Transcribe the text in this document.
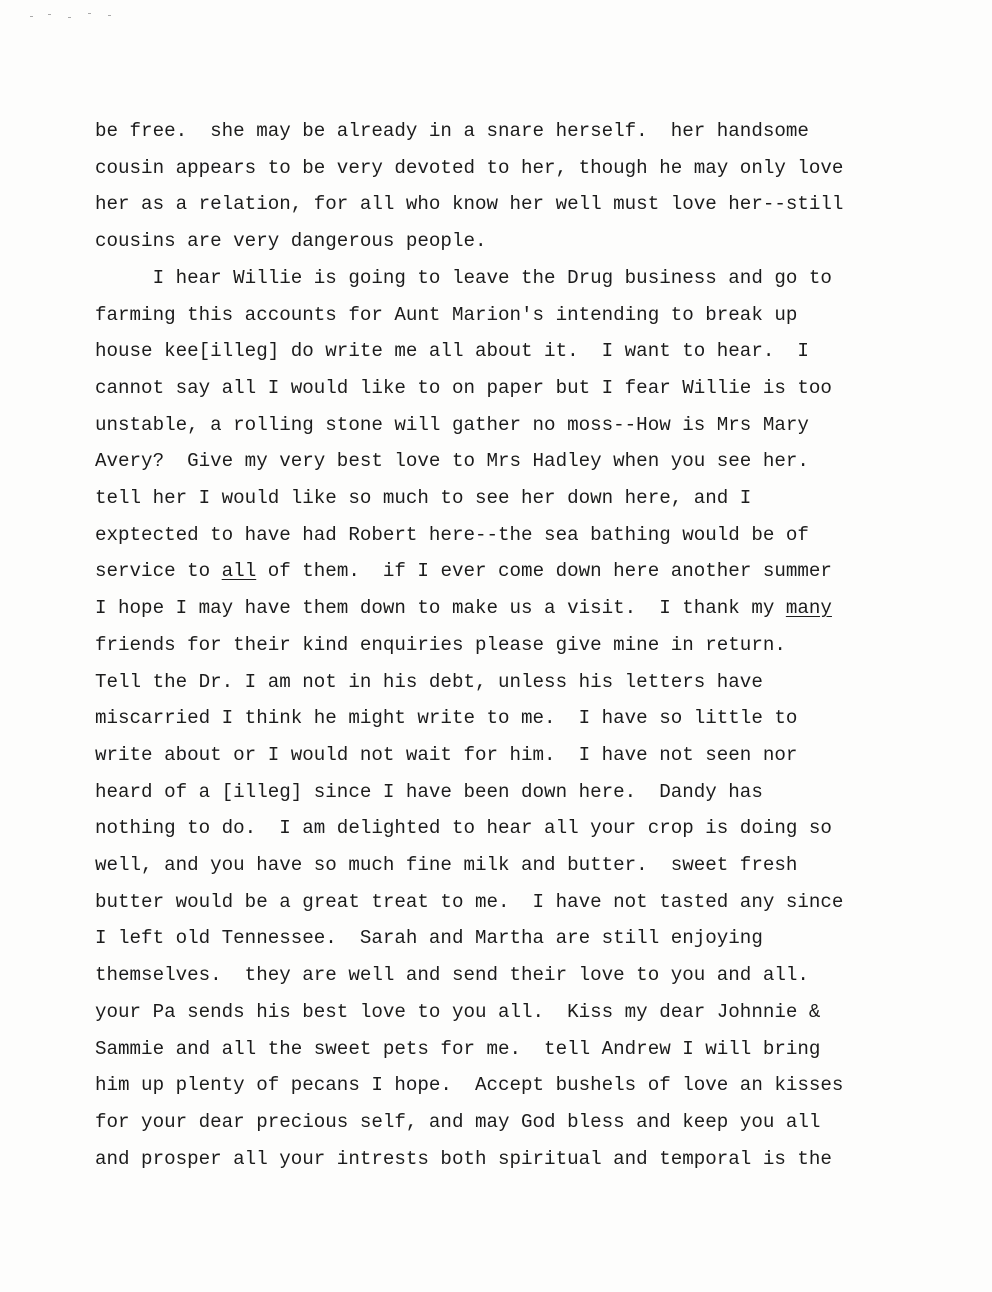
be free.  she may be already in a snare herself.  her handsome
cousin appears to be very devoted to her, though he may only love
her as a relation, for all who know her well must love her--still
cousins are very dangerous people.
I hear Willie is going to leave the Drug business and go to
farming this accounts for Aunt Marion's intending to break up
house kee[illeg] do write me all about it.  I want to hear.  I
cannot say all I would like to on paper but I fear Willie is too
unstable, a rolling stone will gather no moss--How is Mrs Mary
Avery?  Give my very best love to Mrs Hadley when you see her.
tell her I would like so much to see her down here, and I
exptected to have had Robert here--the sea bathing would be of
service to all of them.  if I ever come down here another summer
I hope I may have them down to make us a visit.  I thank my many
friends for their kind enquiries please give mine in return.
Tell the Dr. I am not in his debt, unless his letters have
miscarried I think he might write to me.  I have so little to
write about or I would not wait for him.  I have not seen nor
heard of a [illeg] since I have been down here.  Dandy has
nothing to do.  I am delighted to hear all your crop is doing so
well, and you have so much fine milk and butter.  sweet fresh
butter would be a great treat to me.  I have not tasted any since
I left old Tennessee.  Sarah and Martha are still enjoying
themselves.  they are well and send their love to you and all.
your Pa sends his best love to you all.  Kiss my dear Johnnie &
Sammie and all the sweet pets for me.  tell Andrew I will bring
him up plenty of pecans I hope.  Accept bushels of love an kisses
for your dear precious self, and may God bless and keep you all
and prosper all your intrests both spiritual and temporal is the
